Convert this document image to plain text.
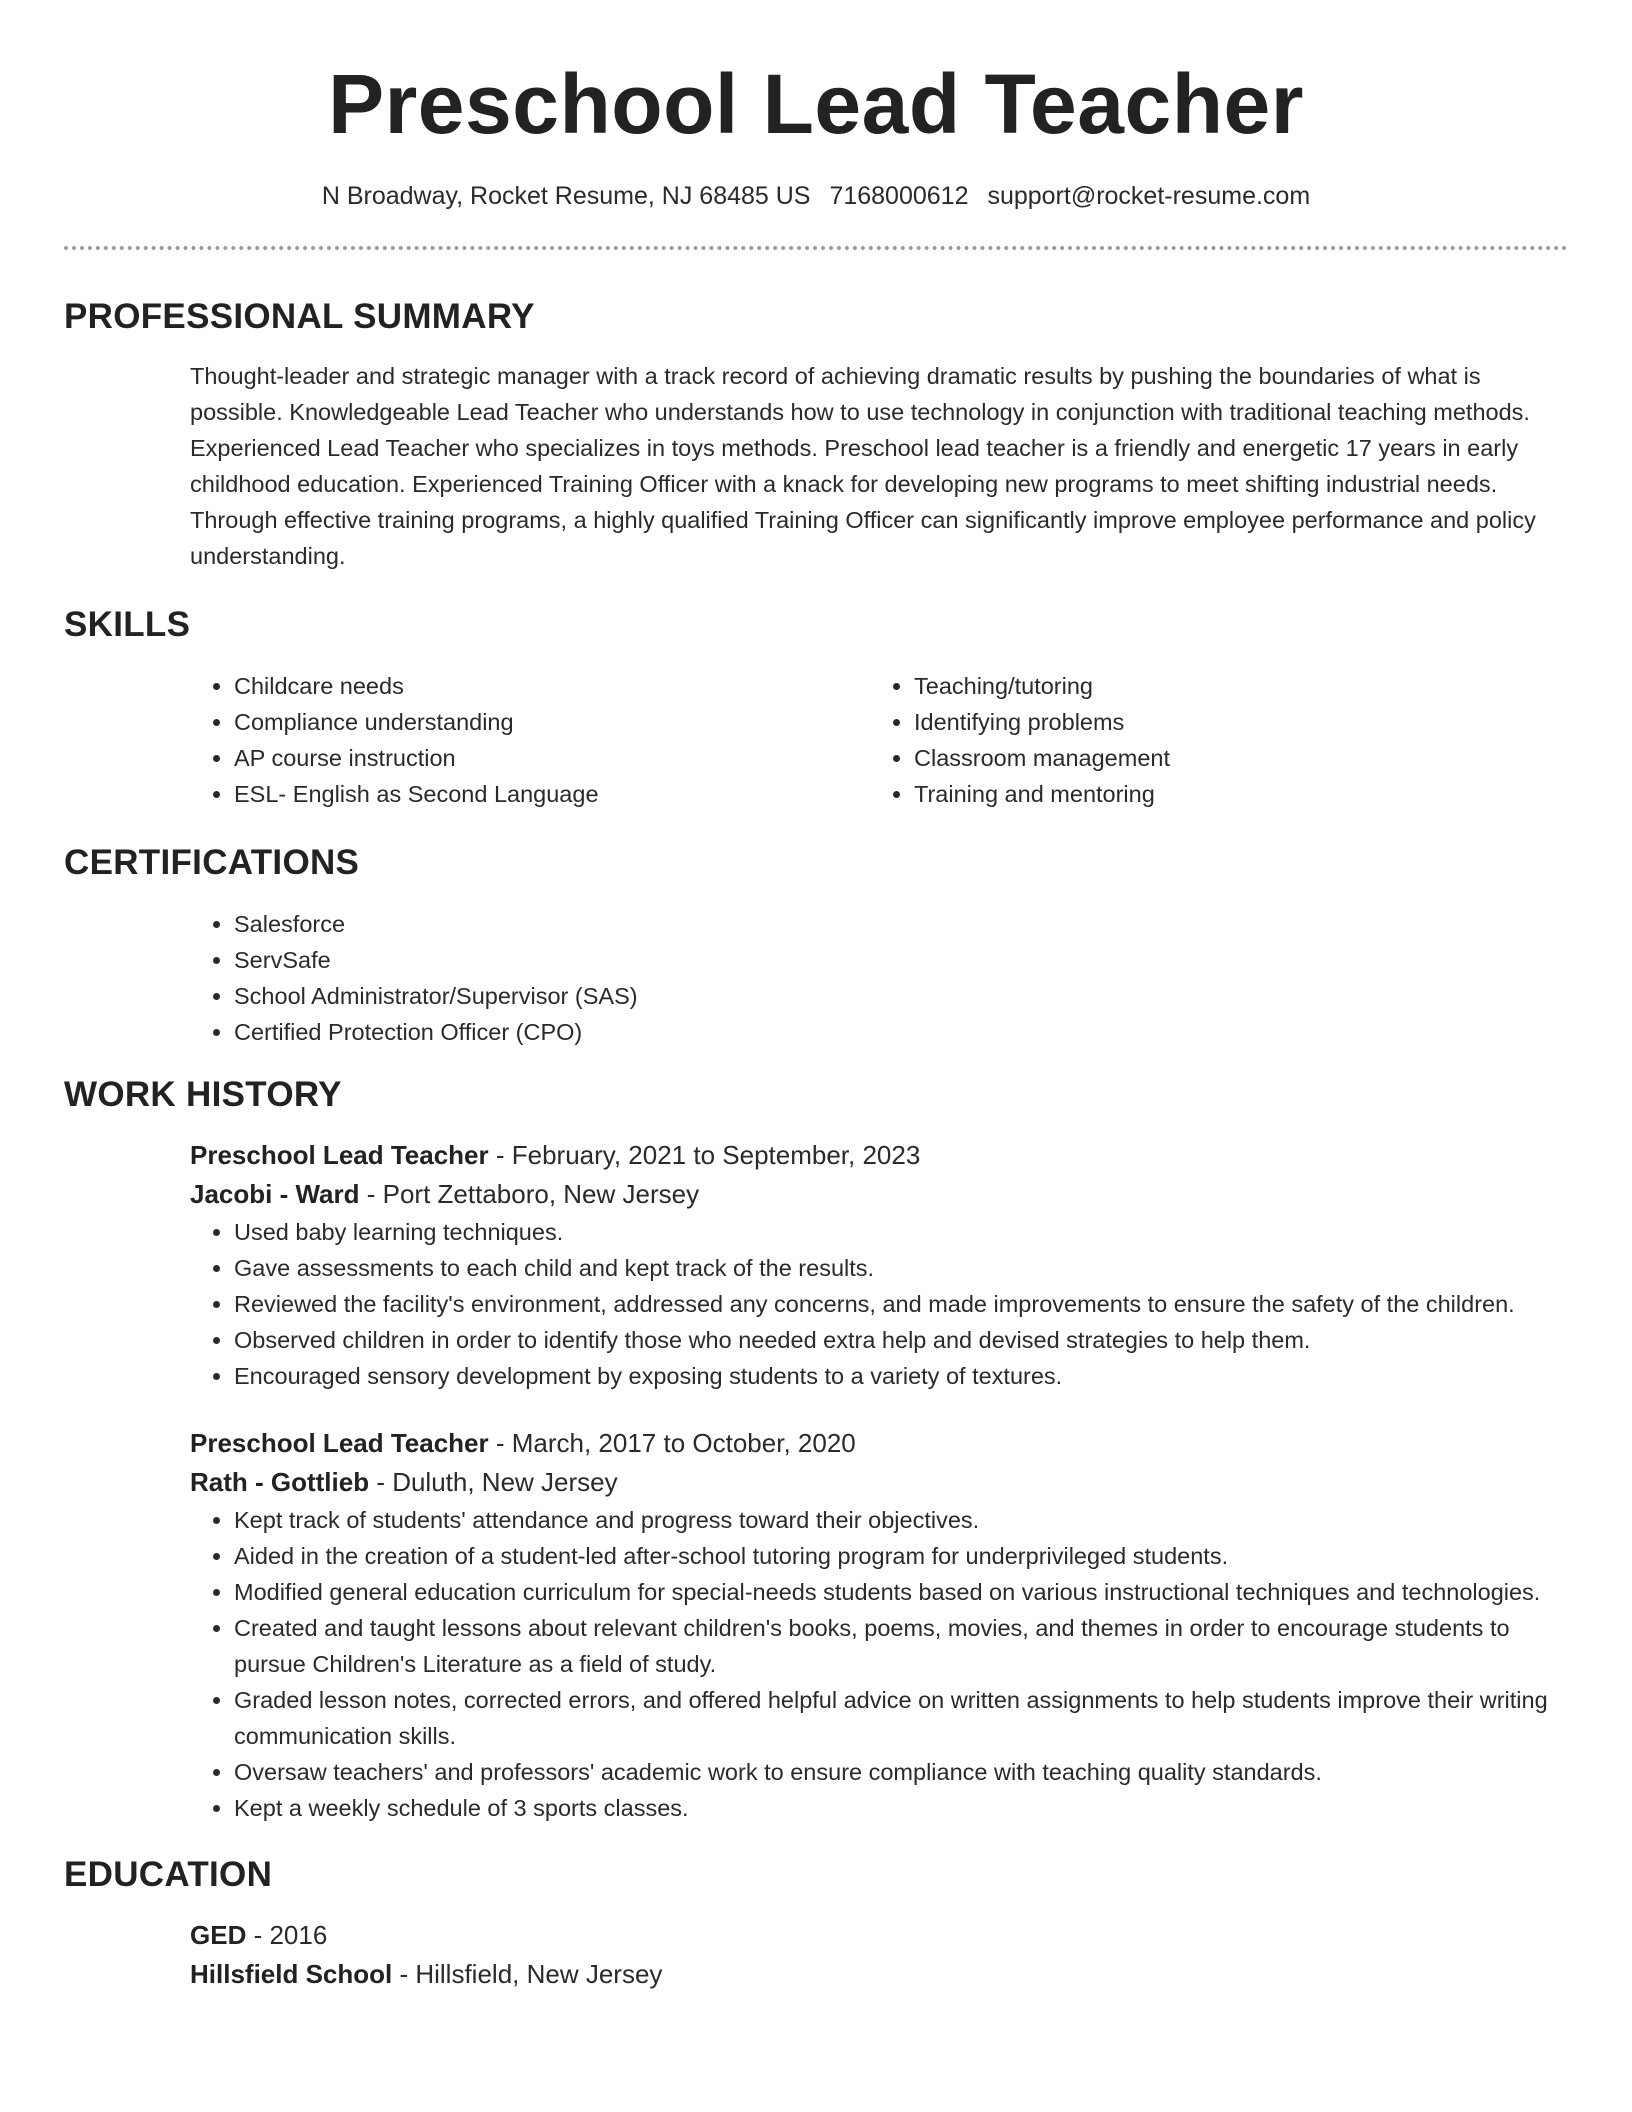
Preschool Lead Teacher
N Broadway, Rocket Resume, NJ 68485 US 7168000612 support@rocket-resume.com
PROFESSIONAL SUMMARY

Thought-leader and strategic manager with a track record of achieving dramatic results by pushing the boundaries of what is possible. Knowledgeable Lead Teacher who understands how to use technology in conjunction with traditional teaching methods. Experienced Lead Teacher who specializes in toys methods. Preschool lead teacher is a friendly and energetic 17 years in early childhood education. Experienced Training Officer with a knack for developing new programs to meet shifting industrial needs. Through effective training programs, a highly qualified Training Officer can significantly improve employee performance and policy understanding.

SKILLS
• Childcare needs
• Compliance understanding
• AP course instruction
• ESL- English as Second Language
• Teaching/tutoring
• Identifying problems
• Classroom management
• Training and mentoring
CERTIFICATIONS
• Salesforce
• ServSafe
• School Administrator/Supervisor (SAS)
• Certified Protection Officer (CPO)
WORK HISTORY
Preschool Lead Teacher - February, 2021 to September, 2023
Jacobi - Ward - Port Zettaboro, New Jersey
• Used baby learning techniques.
• Gave assessments to each child and kept track of the results.
• Reviewed the facility's environment, addressed any concerns, and made improvements to ensure the safety of the children.
• Observed children in order to identify those who needed extra help and devised strategies to help them.
• Encouraged sensory development by exposing students to a variety of textures.
Preschool Lead Teacher - March, 2017 to October, 2020
Rath - Gottlieb - Duluth, New Jersey
• Kept track of students' attendance and progress toward their objectives.
• Aided in the creation of a student-led after-school tutoring program for underprivileged students.
• Modified general education curriculum for special-needs students based on various instructional techniques and technologies.
• Created and taught lessons about relevant children's books, poems, movies, and themes in order to encourage students to pursue Children's Literature as a field of study.
• Graded lesson notes, corrected errors, and offered helpful advice on written assignments to help students improve their writing communication skills.
• Oversaw teachers' and professors' academic work to ensure compliance with teaching quality standards.
• Kept a weekly schedule of 3 sports classes.
EDUCATION
GED - 2016
Hillsfield School - Hillsfield, New Jersey
